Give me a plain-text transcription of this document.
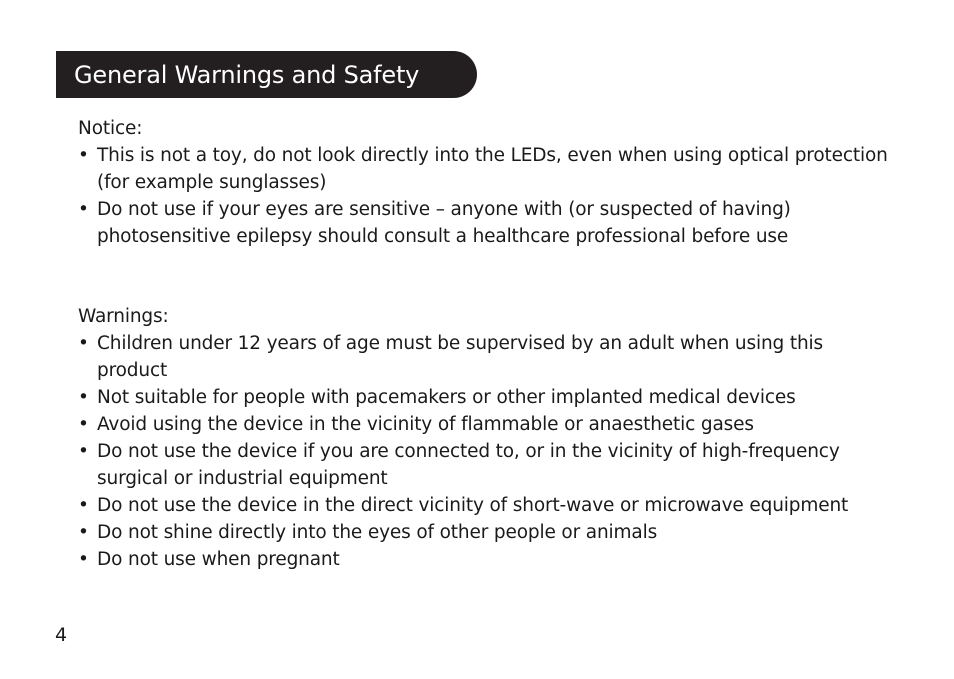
General Warnings and Safety

Notice:

• This is not a toy, do not look directly into the LEDs, even when using optical protection (for example sunglasses)
• Do not use if your eyes are sensitive – anyone with (or suspected of having) photosensitive epilepsy should consult a healthcare professional before use

Warnings:

• Children under 12 years of age must be supervised by an adult when using this product
• Not suitable for people with pacemakers or other implanted medical devices
• Avoid using the device in the vicinity of flammable or anaesthetic gases
• Do not use the device if you are connected to, or in the vicinity of high-frequency surgical or industrial equipment
• Do not use the device in the direct vicinity of short-wave or microwave equipment
• Do not shine directly into the eyes of other people or animals
• Do not use when pregnant
4
